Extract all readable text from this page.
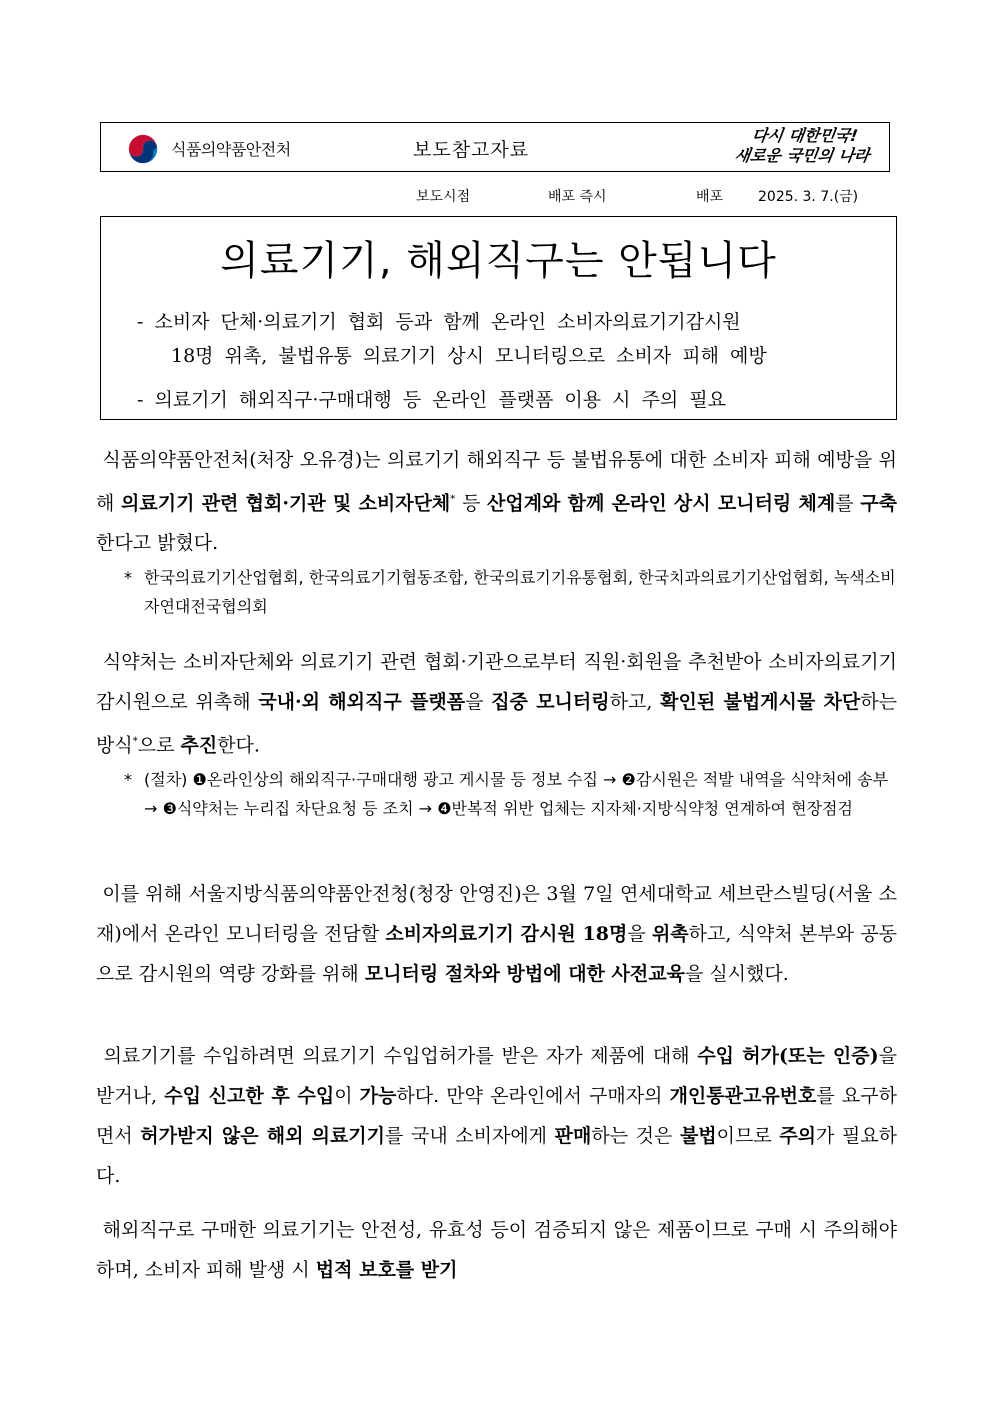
식품의약품안전처	보도참고자료
다시 대한민국!
새로운 국민의 나라
보도시점	배포 즉시	배포 2025. 3. 7.(금)
의료기기, 해외직구는 안됩니다
- 소비자 단체·의료기기 협회 등과 함께 온라인 소비자의료기기감시원
18명 위촉, 불법유통 의료기기 상시 모니터링으로 소비자 피해 예방
- 의료기기 해외직구·구매대행 등 온라인 플랫폼 이용 시 주의 필요

식품의약품안전처(처장 오유경)는 의료기기 해외직구 등 불법유통에 대한 소비자 피해 예방을 위해 의료기기 관련 협회·기관 및 소비자단체* 등 산업계와 함께 온라인 상시 모니터링 체계를 구축한다고 밝혔다.

* 한국의료기기산업협회, 한국의료기기협동조합, 한국의료기기유통협회, 한국치과의료기기산업협회, 녹색소비자연대전국협의회

식약처는 소비자단체와 의료기기 관련 협회·기관으로부터 직원·회원을 추천받아 소비자의료기기감시원으로 위촉해 국내·외 해외직구 플랫폼을 집중 모니터링하고, 확인된 불법게시물 차단하는 방식*으로 추진한다.

* (절차) ❶온라인상의 해외직구·구매대행 광고 게시물 등 정보 수집 → ❷감시원은 적발 내역을 식약처에 송부 → ❸식약처는 누리집 차단요청 등 조치 → ❹반복적 위반 업체는 지자체·지방식약청 연계하여 현장점검

이를 위해 서울지방식품의약품안전청(청장 안영진)은 3월 7일 연세대학교 세브란스빌딩(서울 소재)에서 온라인 모니터링을 전담할 소비자의료기기 감시원 18명을 위촉하고, 식약처 본부와 공동으로 감시원의 역량 강화를 위해 모니터링 절차와 방법에 대한 사전교육을 실시했다.

의료기기를 수입하려면 의료기기 수입업허가를 받은 자가 제품에 대해 수입 허가(또는 인증)을 받거나, 수입 신고한 후 수입이 가능하다. 만약 온라인에서 구매자의 개인통관고유번호를 요구하면서 허가받지 않은 해외 의료기기를 국내 소비자에게 판매하는 것은 불법이므로 주의가 필요하다.

해외직구로 구매한 의료기기는 안전성, 유효성 등이 검증되지 않은 제품이므로 구매 시 주의해야 하며, 소비자 피해 발생 시 법적 보호를 받기
